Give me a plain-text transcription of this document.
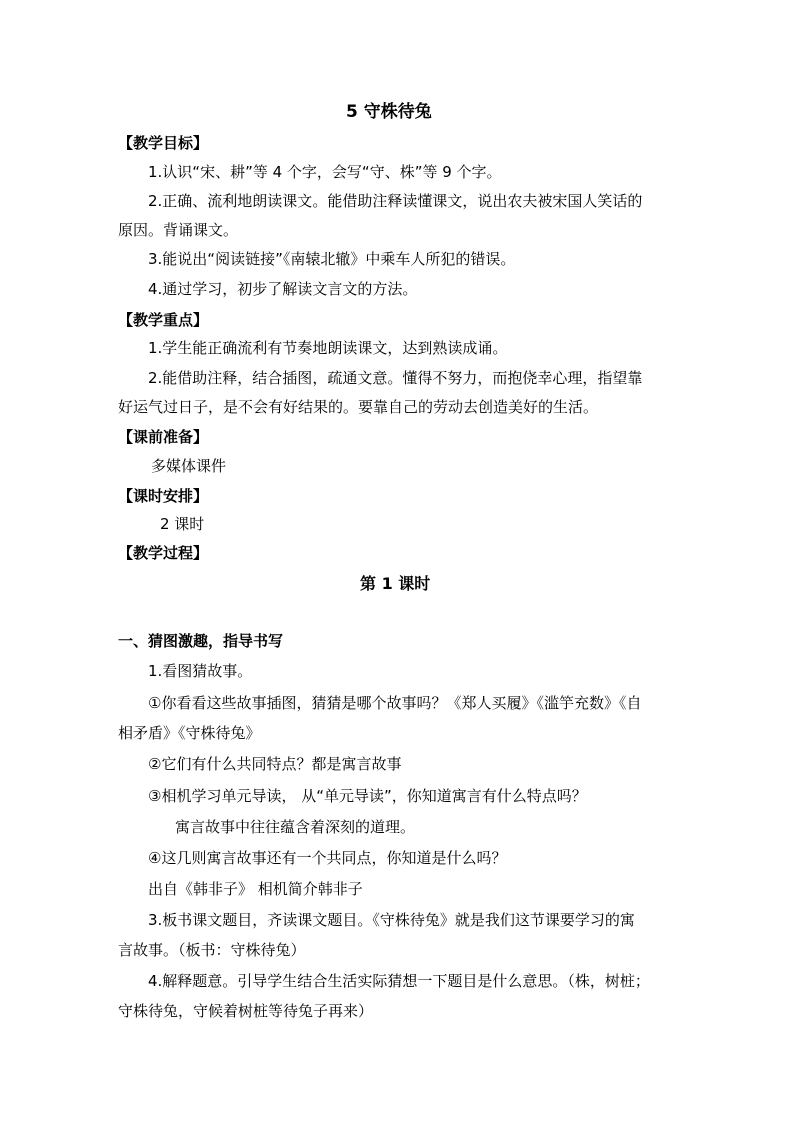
5 守株待兔
【教学目标】
1.认识“宋、耕”等 4 个字，会写“守、株”等 9 个字。
2.正确、流利地朗读课文。能借助注释读懂课文，说出农夫被宋国人笑话的
原因。背诵课文。
3.能说出“阅读链接”《南辕北辙》中乘车人所犯的错误。
4.通过学习，初步了解读文言文的方法。
【教学重点】
1.学生能正确流利有节奏地朗读课文，达到熟读成诵。
2.能借助注释，结合插图，疏通文意。懂得不努力，而抱侥幸心理，指望靠
好运气过日子，是不会有好结果的。要靠自己的劳动去创造美好的生活。
【课前准备】
多媒体课件
【课时安排】
2 课时
【教学过程】
第 1 课时
一、猜图激趣，指导书写
1.看图猜故事。
①你看看这些故事插图，猜猜是哪个故事吗？《郑人买履》《滥竽充数》《自
相矛盾》《守株待兔》
②它们有什么共同特点？都是寓言故事
③相机学习单元导读， 从“单元导读”，你知道寓言有什么特点吗？
寓言故事中往往蕴含着深刻的道理。
④这几则寓言故事还有一个共同点，你知道是什么吗？
出自《韩非子》 相机简介韩非子
3.板书课文题目，齐读课文题目。《守株待兔》就是我们这节课要学习的寓
言故事。（板书：守株待兔）
4.解释题意。引导学生结合生活实际猜想一下题目是什么意思。（株，树桩；
守株待兔，守候着树桩等待兔子再来）
